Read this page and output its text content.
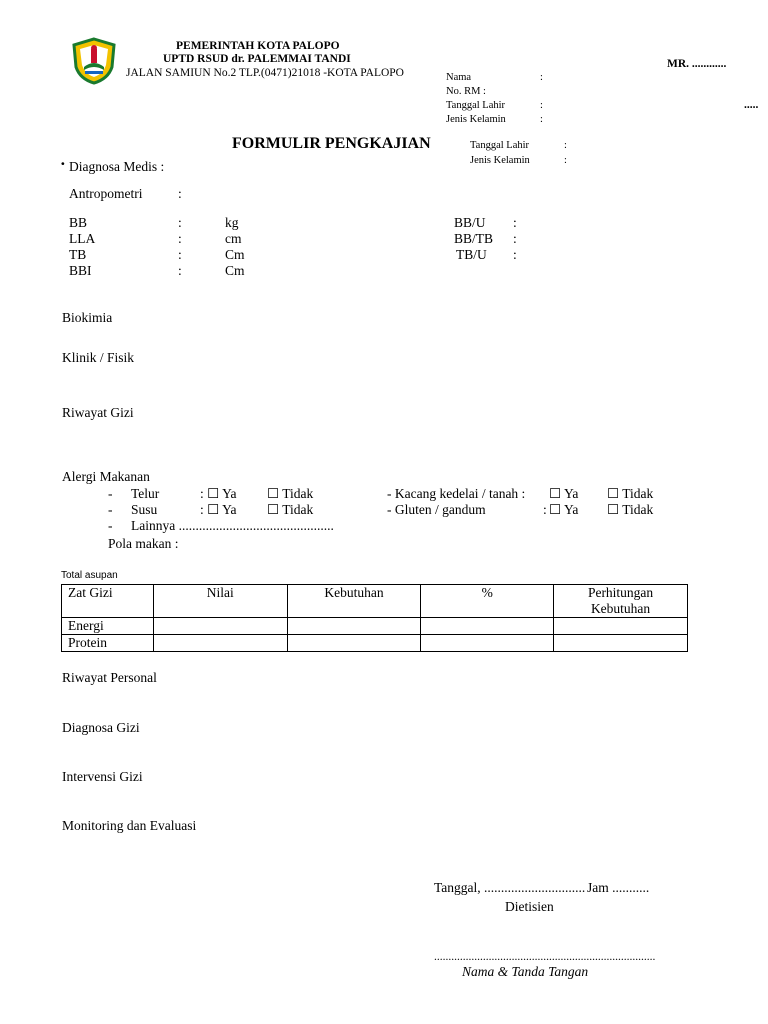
PEMERINTAH KOTA PALOPO
UPTD RSUD dr. PALEMMAI TANDI
JALAN SAMIUN No.2 TLP.(0471)21018 -KOTA PALOPO
MR. ............
.....
Nama	:
No. RM :
Tanggal Lahir	:
Jenis Kelamin	:
FORMULIR PENGKAJIAN	Tanggal Lahir	:
Jenis Kelamin	:
• Diagnosa Medis :
Antropometri	:
BB	:	kg	BB/U :
LLA	:	cm	BB/TB :
TB	:	Cm	TB/U :
BBI	:	Cm
Biokimia
Klinik / Fisik
Riwayat Gizi
Alergi Makanan
- Telur	: ☐ Ya ☐ Tidak	- Kacang kedelai / tanah : ☐ Ya ☐ Tidak
- Susu	: ☐ Ya ☐ Tidak	- Gluten / gandum	: ☐ Ya ☐ Tidak
- Lainnya ..............................................
Pola makan :
Total asupan
Zat Gizi	Nilai	Kebutuhan	%	Perhitungan Kebutuhan
Energi				
Protein				
Riwayat Personal
Diagnosa Gizi
Intervensi Gizi
Monitoring dan Evaluasi
Tanggal, .............................. Jam ...........
Dietisien
.............................................................................
Nama & Tanda Tangan
